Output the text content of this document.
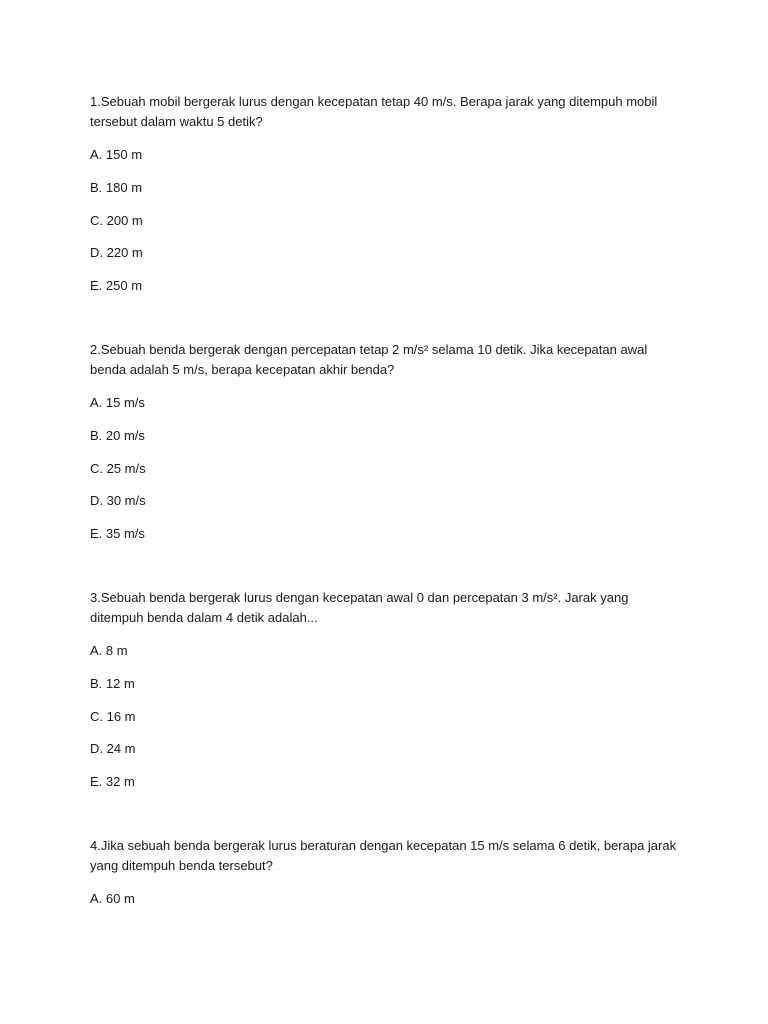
1.Sebuah mobil bergerak lurus dengan kecepatan tetap 40 m/s. Berapa jarak yang ditempuh mobil tersebut dalam waktu 5 detik?

A. 150 m

B. 180 m

C. 200 m

D. 220 m

E. 250 m

2.Sebuah benda bergerak dengan percepatan tetap 2 m/s² selama 10 detik. Jika kecepatan awal benda adalah 5 m/s, berapa kecepatan akhir benda?

A. 15 m/s

B. 20 m/s

C. 25 m/s

D. 30 m/s

E. 35 m/s

3.Sebuah benda bergerak lurus dengan kecepatan awal 0 dan percepatan 3 m/s². Jarak yang ditempuh benda dalam 4 detik adalah...

A. 8 m

B. 12 m

C. 16 m

D. 24 m

E. 32 m

4.Jika sebuah benda bergerak lurus beraturan dengan kecepatan 15 m/s selama 6 detik, berapa jarak yang ditempuh benda tersebut?

A. 60 m
